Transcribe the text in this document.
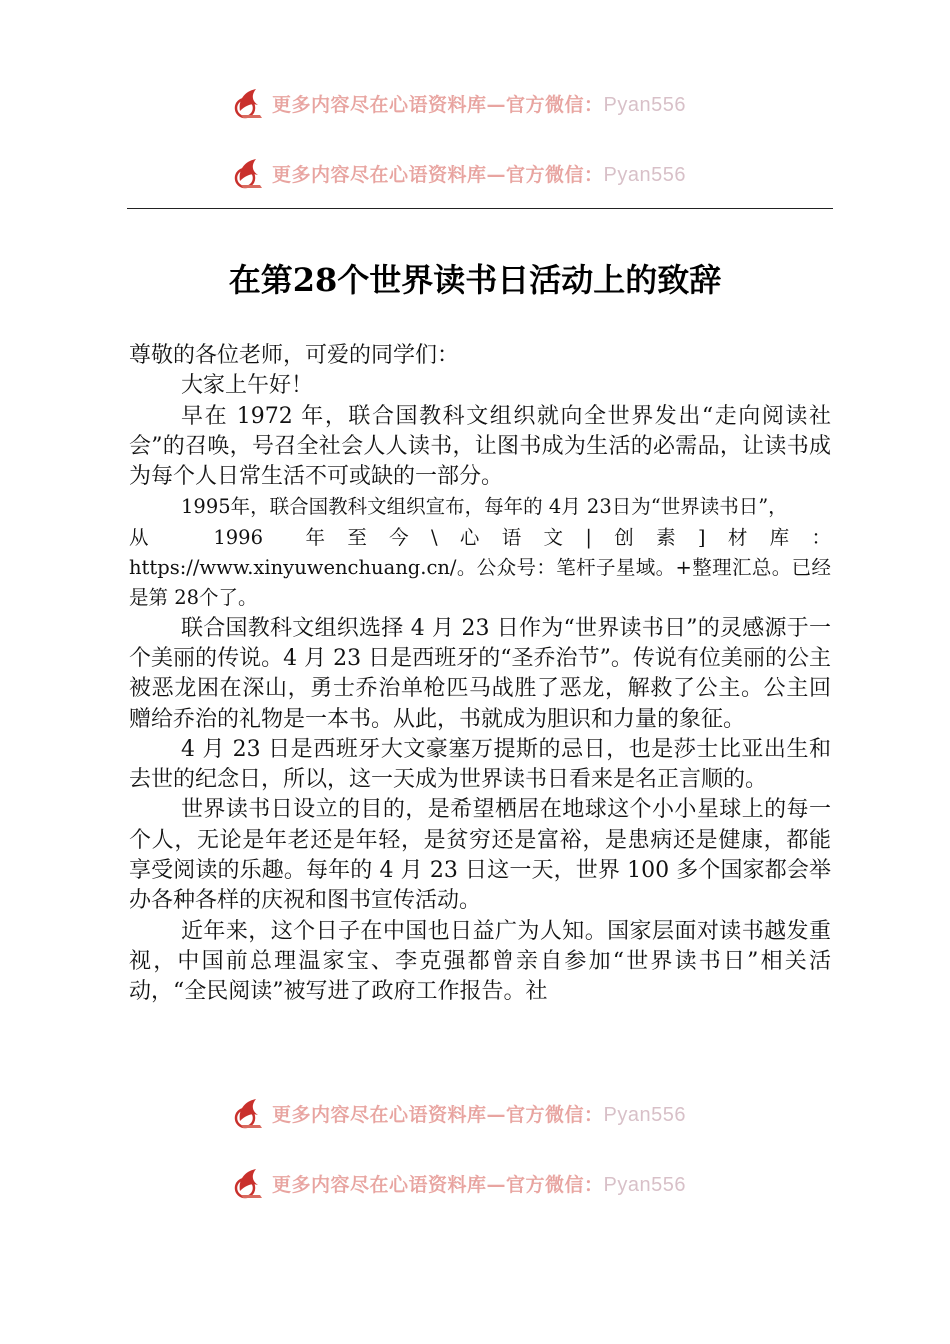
更多内容尽在心语资料库—官方微信：Pyan556
更多内容尽在心语资料库—官方微信：Pyan556
在第28个世界读书日活动上的致辞

尊敬的各位老师，可爱的同学们：

大家上午好！

早在 1972 年，联合国教科文组织就向全世界发出“走向阅读社会”的召唤，号召全社会人人读书，让图书成为生活的必需品，让读书成为每个人日常生活不可或缺的一部分。

1995年，联合国教科文组织宣布，每年的 4月 23日为“世界读书日”，

从 1996 年至今\心语文|创素]材库：

https://www.xinyuwenchuang.cn/。公众号：笔杆子星域。+整理汇总。已经是第 28个了。

联合国教科文组织选择 4 月 23 日作为“世界读书日”的灵感源于一个美丽的传说。4 月 23 日是西班牙的“圣乔治节”。传说有位美丽的公主被恶龙困在深山，勇士乔治单枪匹马战胜了恶龙，解救了公主。公主回赠给乔治的礼物是一本书。从此，书就成为胆识和力量的象征。

4 月 23 日是西班牙大文豪塞万提斯的忌日，也是莎士比亚出生和去世的纪念日，所以，这一天成为世界读书日看来是名正言顺的。

世界读书日设立的目的，是希望栖居在地球这个小小星球上的每一个人，无论是年老还是年轻，是贫穷还是富裕，是患病还是健康，都能享受阅读的乐趣。每年的 4 月 23 日这一天，世界 100 多个国家都会举办各种各样的庆祝和图书宣传活动。

近年来，这个日子在中国也日益广为人知。国家层面对读书越发重视，中国前总理温家宝、李克强都曾亲自参加“世界读书日”相关活动，“全民阅读”被写进了政府工作报告。社

更多内容尽在心语资料库—官方微信：Pyan556
更多内容尽在心语资料库—官方微信：Pyan556
